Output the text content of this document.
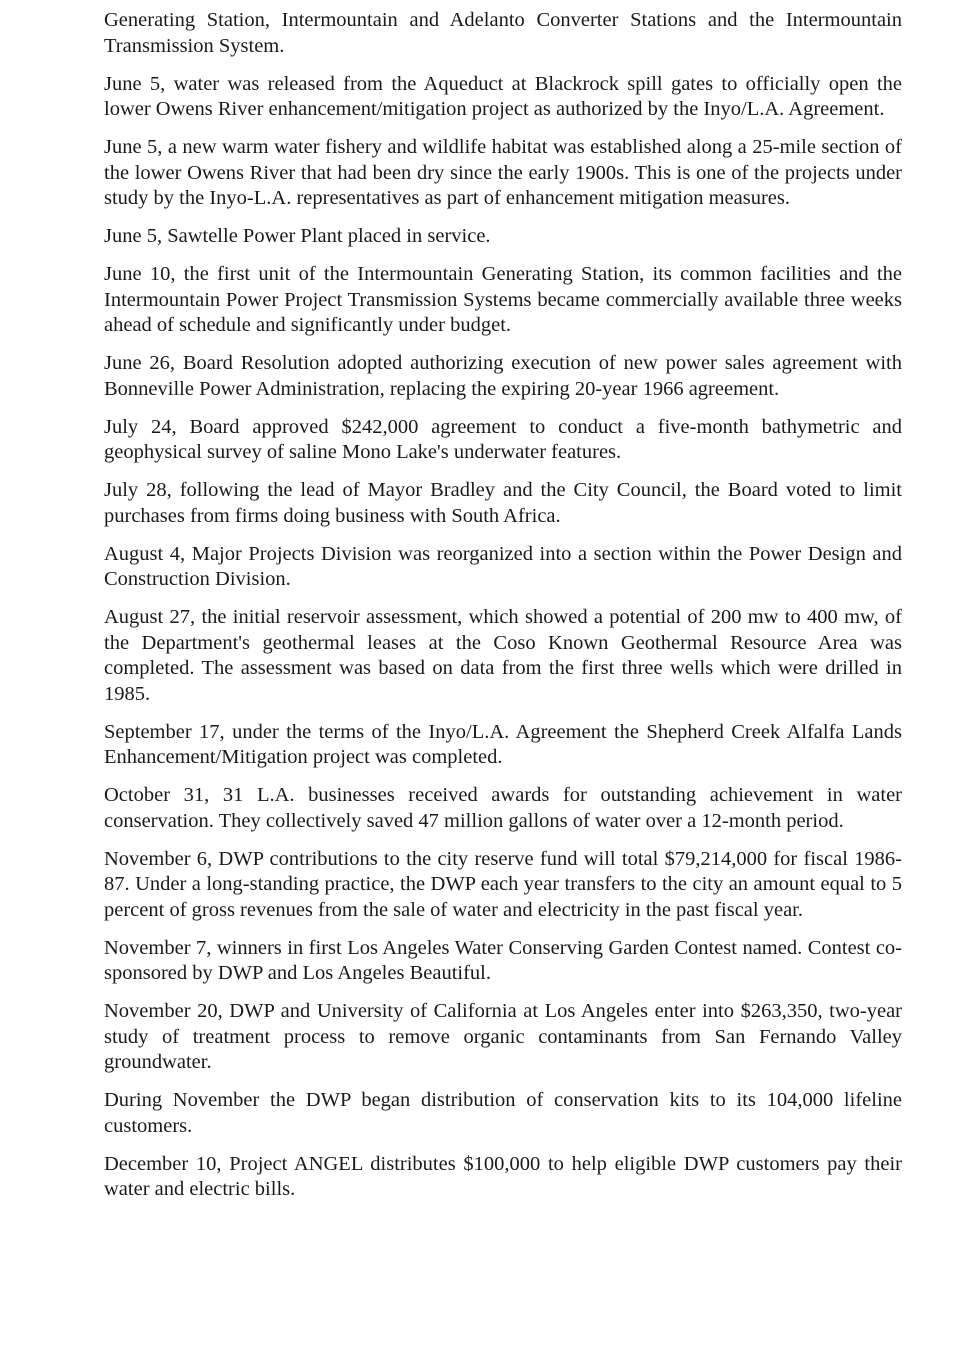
Generating Station, Intermountain and Adelanto Converter Stations and the Intermountain Transmission System.

June 5, water was released from the Aqueduct at Blackrock spill gates to officially open the lower Owens River enhancement/mitigation project as authorized by the Inyo/L.A. Agreement.

June 5, a new warm water fishery and wildlife habitat was established along a 25-mile section of the lower Owens River that had been dry since the early 1900s. This is one of the projects under study by the Inyo-L.A. representatives as part of enhancement mitigation measures.

June 5, Sawtelle Power Plant placed in service.

June 10, the first unit of the Intermountain Generating Station, its common facilities and the Intermountain Power Project Transmission Systems became commercially available three weeks ahead of schedule and significantly under budget.

June 26, Board Resolution adopted authorizing execution of new power sales agreement with Bonneville Power Administration, replacing the expiring 20-year 1966 agreement.

July 24, Board approved $242,000 agreement to conduct a five-month bathymetric and geophysical survey of saline Mono Lake's underwater features.

July 28, following the lead of Mayor Bradley and the City Council, the Board voted to limit purchases from firms doing business with South Africa.

August 4, Major Projects Division was reorganized into a section within the Power Design and Construction Division.

August 27, the initial reservoir assessment, which showed a potential of 200 mw to 400 mw, of the Department's geothermal leases at the Coso Known Geothermal Resource Area was completed. The assessment was based on data from the first three wells which were drilled in 1985.

September 17, under the terms of the Inyo/L.A. Agreement the Shepherd Creek Alfalfa Lands Enhancement/Mitigation project was completed.

October 31, 31 L.A. businesses received awards for outstanding achievement in water conservation. They collectively saved 47 million gallons of water over a 12-month period.

November 6, DWP contributions to the city reserve fund will total $79,214,000 for fiscal 1986-87. Under a long-standing practice, the DWP each year transfers to the city an amount equal to 5 percent of gross revenues from the sale of water and electricity in the past fiscal year.

November 7, winners in first Los Angeles Water Conserving Garden Contest named. Contest co-sponsored by DWP and Los Angeles Beautiful.

November 20, DWP and University of California at Los Angeles enter into $263,350, two-year study of treatment process to remove organic contaminants from San Fernando Valley groundwater.

During November the DWP began distribution of conservation kits to its 104,000 lifeline customers.

December 10, Project ANGEL distributes $100,000 to help eligible DWP customers pay their water and electric bills.
